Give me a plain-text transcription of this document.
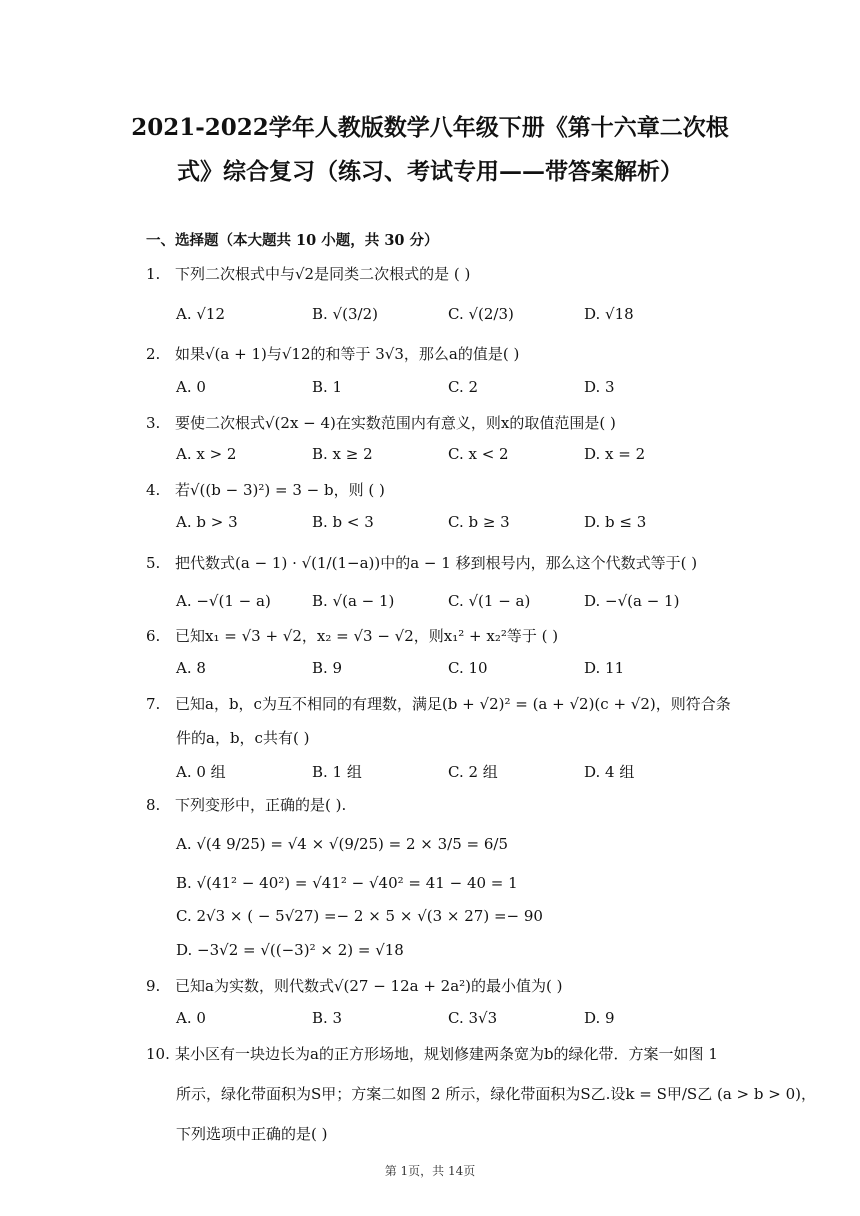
2021-2022学年人教版数学八年级下册《第十六章二次根
式》综合复习（练习、考试专用——带答案解析）
一、选择题（本大题共 10 小题，共 30 分）
1. 下列二次根式中与√2是同类二次根式的是 ( )
A. √12	B. √(3/2)	C. √(2/3)	D. √18
2. 如果√(a + 1)与√12的和等于 3√3，那么a的值是( )
A. 0	B. 1	C. 2	D. 3
3. 要使二次根式√(2x − 4)在实数范围内有意义，则x的取值范围是( )
A. x > 2	B. x ≥ 2	C. x < 2	D. x = 2
4. 若√((b − 3)²) = 3 − b，则 ( )
A. b > 3	B. b < 3	C. b ≥ 3	D. b ≤ 3
5. 把代数式(a − 1) · √(1/(1−a))中的a − 1 移到根号内，那么这个代数式等于( )
A. −√(1 − a)	B. √(a − 1)	C. √(1 − a)	D. −√(a − 1)
6. 已知x₁ = √3 + √2，x₂ = √3 − √2，则x₁² + x₂²等于 ( )
A. 8	B. 9	C. 10	D. 11
7. 已知a，b，c为互不相同的有理数，满足(b + √2)² = (a + √2)(c + √2)，则符合条
件的a，b，c共有( )
A. 0 组	B. 1 组	C. 2 组	D. 4 组
8. 下列变形中，正确的是( ).
A. √(4 9/25) = √4 × √(9/25) = 2 × 3/5 = 6/5
B. √(41² − 40²) = √41² − √40² = 41 − 40 = 1
C. 2√3 × ( − 5√27) =− 2 × 5 × √(3 × 27) =− 90
D. −3√2 = √((−3)² × 2) = √18
9. 已知a为实数，则代数式√(27 − 12a + 2a²)的最小值为( )
A. 0	B. 3	C. 3√3	D. 9
10. 某小区有一块边长为a的正方形场地，规划修建两条宽为b的绿化带．方案一如图 1
所示，绿化带面积为S甲；方案二如图 2 所示，绿化带面积为S乙.设k = S甲/S乙 (a > b > 0)，
下列选项中正确的是( )
第 1页，共 14页
